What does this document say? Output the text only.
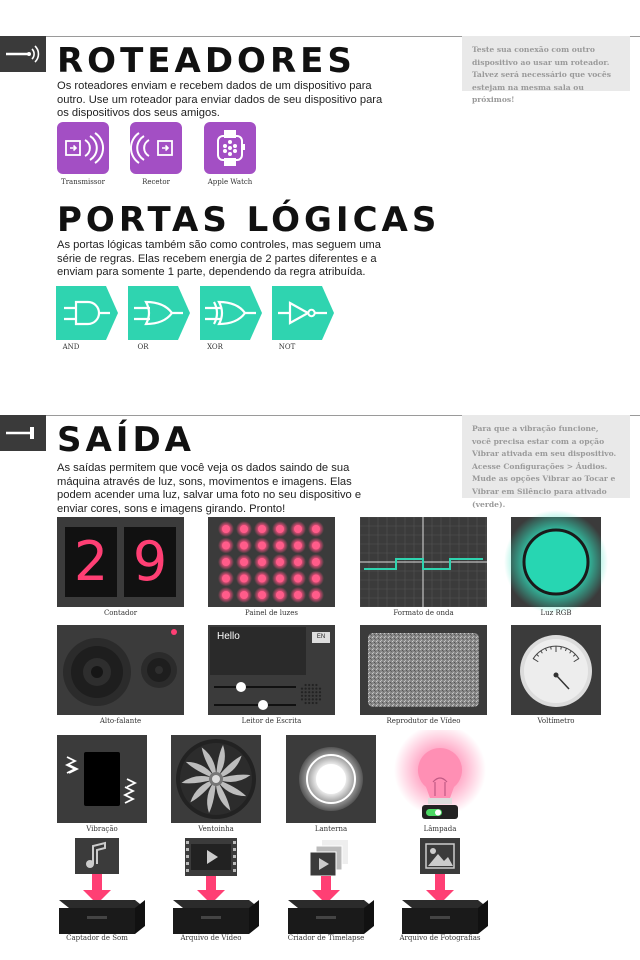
ROTEADORES
Os roteadores enviam e recebem dados de um dispositivo para outro. Use um roteador para enviar dados de seu dispositivo para os dispositivos dos seus amigos.
Teste sua conexão com outro dispositivo ao usar um roteador. Talvez será necessário que vocês estejam na mesma sala ou próximos!
Transmissor	Recetor	Apple Watch
PORTAS LÓGICAS
As portas lógicas também são como controles, mas seguem uma série de regras. Elas recebem energia de 2 partes diferentes e a enviam para somente 1 parte, dependendo da regra atribuída.
AND	OR	XOR	NOT
SAÍDA
As saídas permitem que você veja os dados saindo de sua máquina através de luz, sons, movimentos e imagens. Elas podem acender uma luz, salvar uma foto no seu dispositivo e enviar cores, sons e imagens girando. Pronto!
Para que a vibração funcione, você precisa estar com a opção Vibrar ativada em seu dispositivo. Acesse Configurações > Áudios. Mude as opções Vibrar ao Tocar e Vibrar em Silêncio para ativado (verde).
2 9
Contador	Painel de luzes	Formato de onda	Luz RGB
Alto-falante
Hello	EN
Leitor de Escrita	Reprodutor de Vídeo	Voltímetro
Vibração	Ventoinha	Lanterna	Lâmpada
Captador de Som	Arquivo de Vídeo	Criador de Timelapse	Arquivo de Fotografias
